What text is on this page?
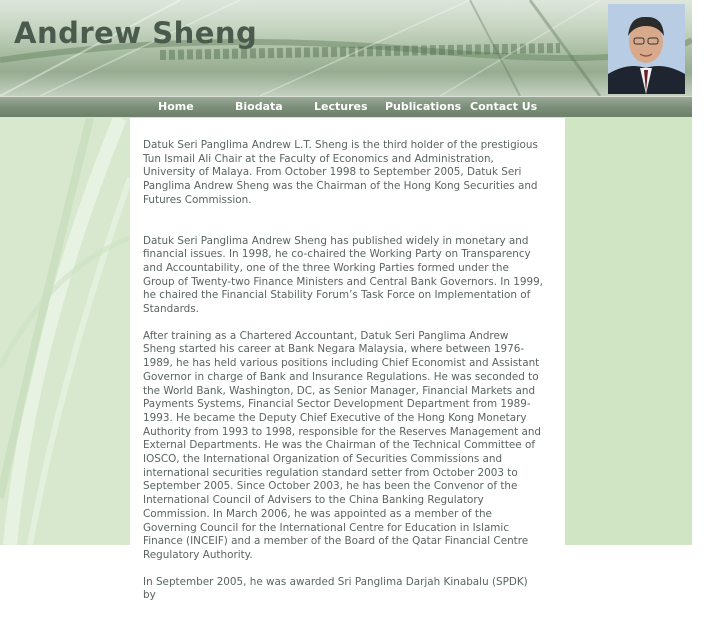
Andrew Sheng
Home	Biodata	Lectures Publications Contact Us

Datuk Seri Panglima Andrew L.T. Sheng is the third holder of the prestigious Tun Ismail Ali Chair at the Faculty of Economics and Administration, University of Malaya. From October 1998 to September 2005, Datuk Seri Panglima Andrew Sheng was the Chairman of the Hong Kong Securities and Futures Commission.

Datuk Seri Panglima Andrew Sheng has published widely in monetary and financial issues. In 1998, he co-chaired the Working Party on Transparency and Accountability, one of the three Working Parties formed under the Group of Twenty-two Finance Ministers and Central Bank Governors. In 1999, he chaired the Financial Stability Forum’s Task Force on Implementation of Standards.

After training as a Chartered Accountant, Datuk Seri Panglima Andrew Sheng started his career at Bank Negara Malaysia, where between 1976-1989, he has held various positions including Chief Economist and Assistant Governor in charge of Bank and Insurance Regulations. He was seconded to the World Bank, Washington, DC, as Senior Manager, Financial Markets and Payments Systems, Financial Sector Development Department from 1989-1993. He became the Deputy Chief Executive of the Hong Kong Monetary Authority from 1993 to 1998, responsible for the Reserves Management and External Departments. He was the Chairman of the Technical Committee of IOSCO, the International Organization of Securities Commissions and international securities regulation standard setter from October 2003 to September 2005. Since October 2003, he has been the Convenor of the International Council of Advisers to the China Banking Regulatory Commission. In March 2006, he was appointed as a member of the Governing Council for the International Centre for Education in Islamic Finance (INCEIF) and a member of the Board of the Qatar Financial Centre Regulatory Authority.

In September 2005, he was awarded Sri Panglima Darjah Kinabalu (SPDK) by
